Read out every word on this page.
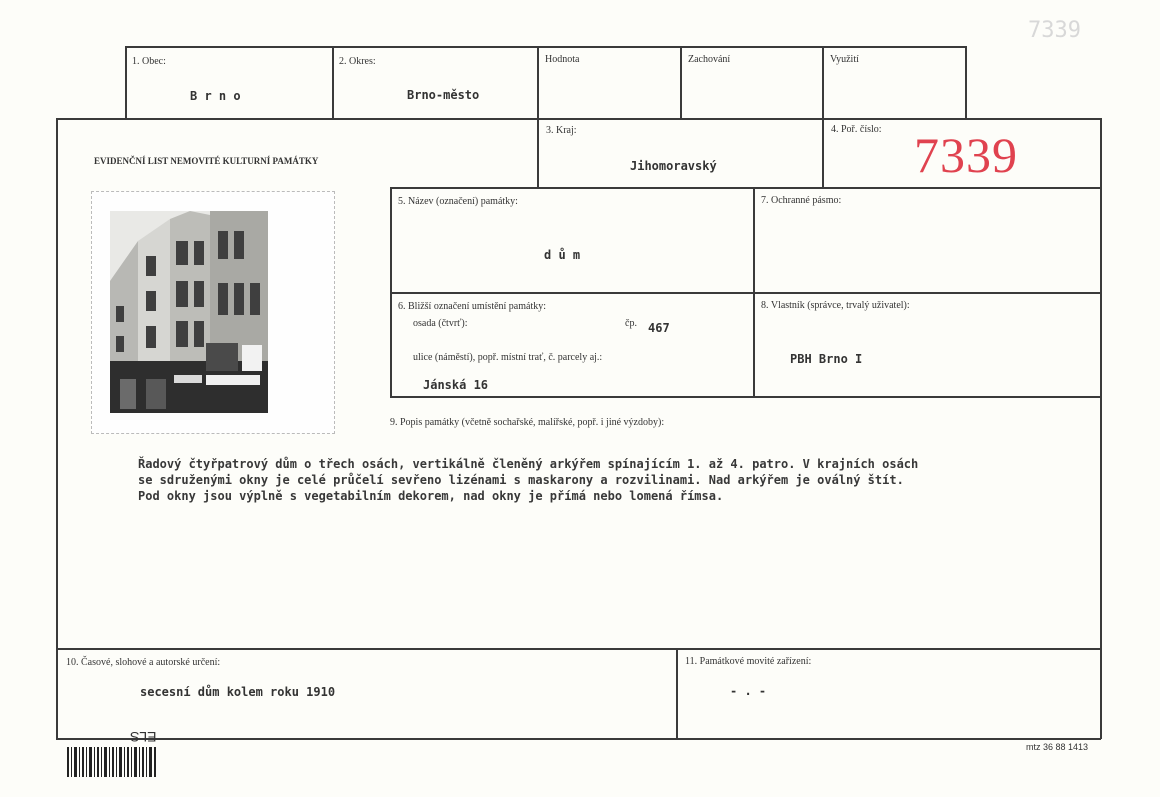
1. Obec:
B r n o
2. Okres:
Brno-město
Hodnota	Zachování	Využití
EVIDENČNÍ LIST NEMOVITÉ KULTURNÍ PAMÁTKY
3. Kraj:
Jihomoravský
4. Poř. číslo: 7339
5. Název (označení) památky:
d ů m
7. Ochranné pásmo:
6. Bližší označení umístění památky:
osada (čtvrť):	čp. 467
ulice (náměstí), popř. místní trať, č. parcely aj.:
Jánská 16
8. Vlastník (správce, trvalý uživatel):
PBH Brno I
9. Popis památky (včetně sochařské, malířské, popř. i jiné výzdoby):
Řadový čtyřpatrový dům o třech osách, vertikálně členěný arkýřem spínajícím 1. až 4. patro. V krajních osách
se sdruženými okny je celé průčelí sevřeno lizénami s maskarony a rozvilinami. Nad arkýřem je oválný štít.
Pod okny jsou výplně s vegetabilním dekorem, nad okny je přímá nebo lomená římsa.
10. Časové, slohové a autorské určení:
secesní dům kolem roku 1910
11. Památkové movité zařízení:
- . -
mtz 36 88 1413
ELS
7339
